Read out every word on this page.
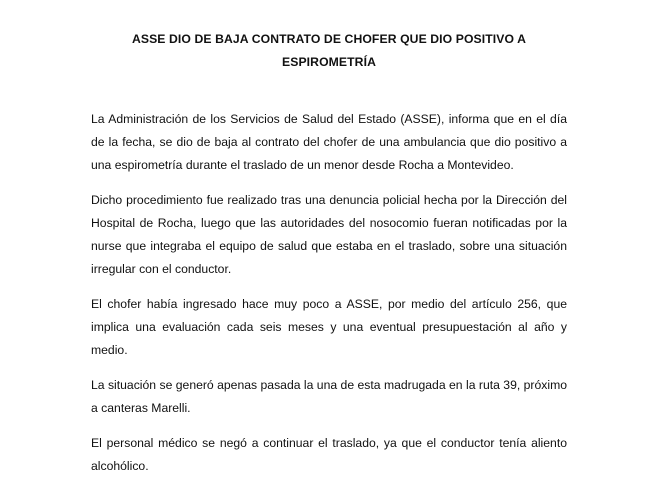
ASSE DIO DE BAJA CONTRATO DE CHOFER QUE DIO POSITIVO A
ESPIROMETRÍA

La Administración de los Servicios de Salud del Estado (ASSE), informa que en el día de la fecha, se dio de baja al contrato del chofer de una ambulancia que dio positivo a una espirometría durante el traslado de un menor desde Rocha a Montevideo.

Dicho procedimiento fue realizado tras una denuncia policial hecha por la Dirección del Hospital de Rocha, luego que las autoridades del nosocomio fueran notificadas por la nurse que integraba el equipo de salud que estaba en el traslado, sobre una situación irregular con el conductor.

El chofer había ingresado hace muy poco a ASSE, por medio del artículo 256, que implica una evaluación cada seis meses y una eventual presupuestación al año y medio.

La situación se generó apenas pasada la una de esta madrugada en la ruta 39, próximo a canteras Marelli.

El personal médico se negó a continuar el traslado, ya que el conductor tenía aliento alcohólico.
